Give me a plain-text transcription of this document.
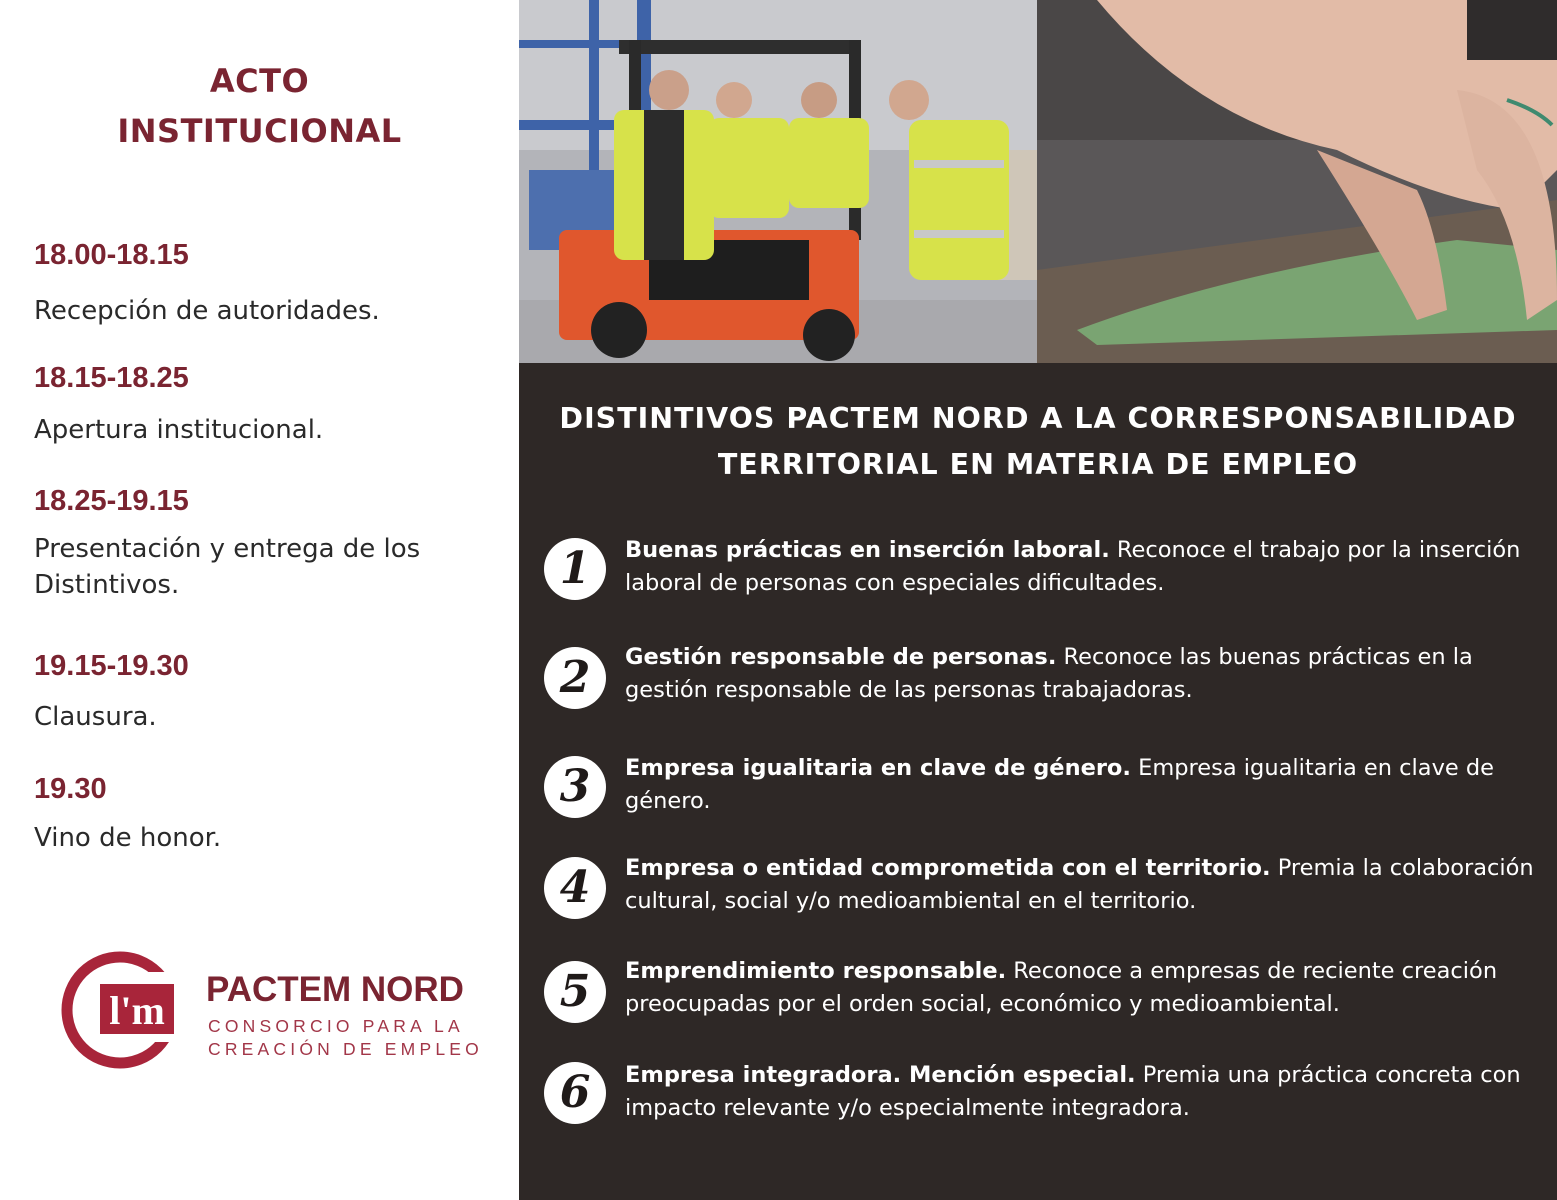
ACTO
INSTITUCIONAL
18.00-18.15
Recepción de autoridades.
18.15-18.25
Apertura institucional.
18.25-19.15
Presentación y entrega de los
Distintivos.
19.15-19.30
Clausura.
19.30
Vino de honor.
l'm PACTEM NORD
CONSORCIO PARA LA
CREACIÓN DE EMPLEO
DISTINTIVOS PACTEM NORD A LA CORRESPONSABILIDAD
TERRITORIAL EN MATERIA DE EMPLEO
1	Buenas prácticas en inserción laboral. Reconoce el trabajo por la inserción laboral de personas con especiales dificultades.
2	Gestión responsable de personas. Reconoce las buenas prácticas en la gestión responsable de las personas trabajadoras.
3	Empresa igualitaria en clave de género. Empresa igualitaria en clave de género.
4	Empresa o entidad comprometida con el territorio. Premia la colaboración cultural, social y/o medioambiental en el territorio.
5	Emprendimiento responsable. Reconoce a empresas de reciente creación preocupadas por el orden social, económico y medioambiental.
6	Empresa integradora. Mención especial. Premia una práctica concreta con impacto relevante y/o especialmente integradora.
